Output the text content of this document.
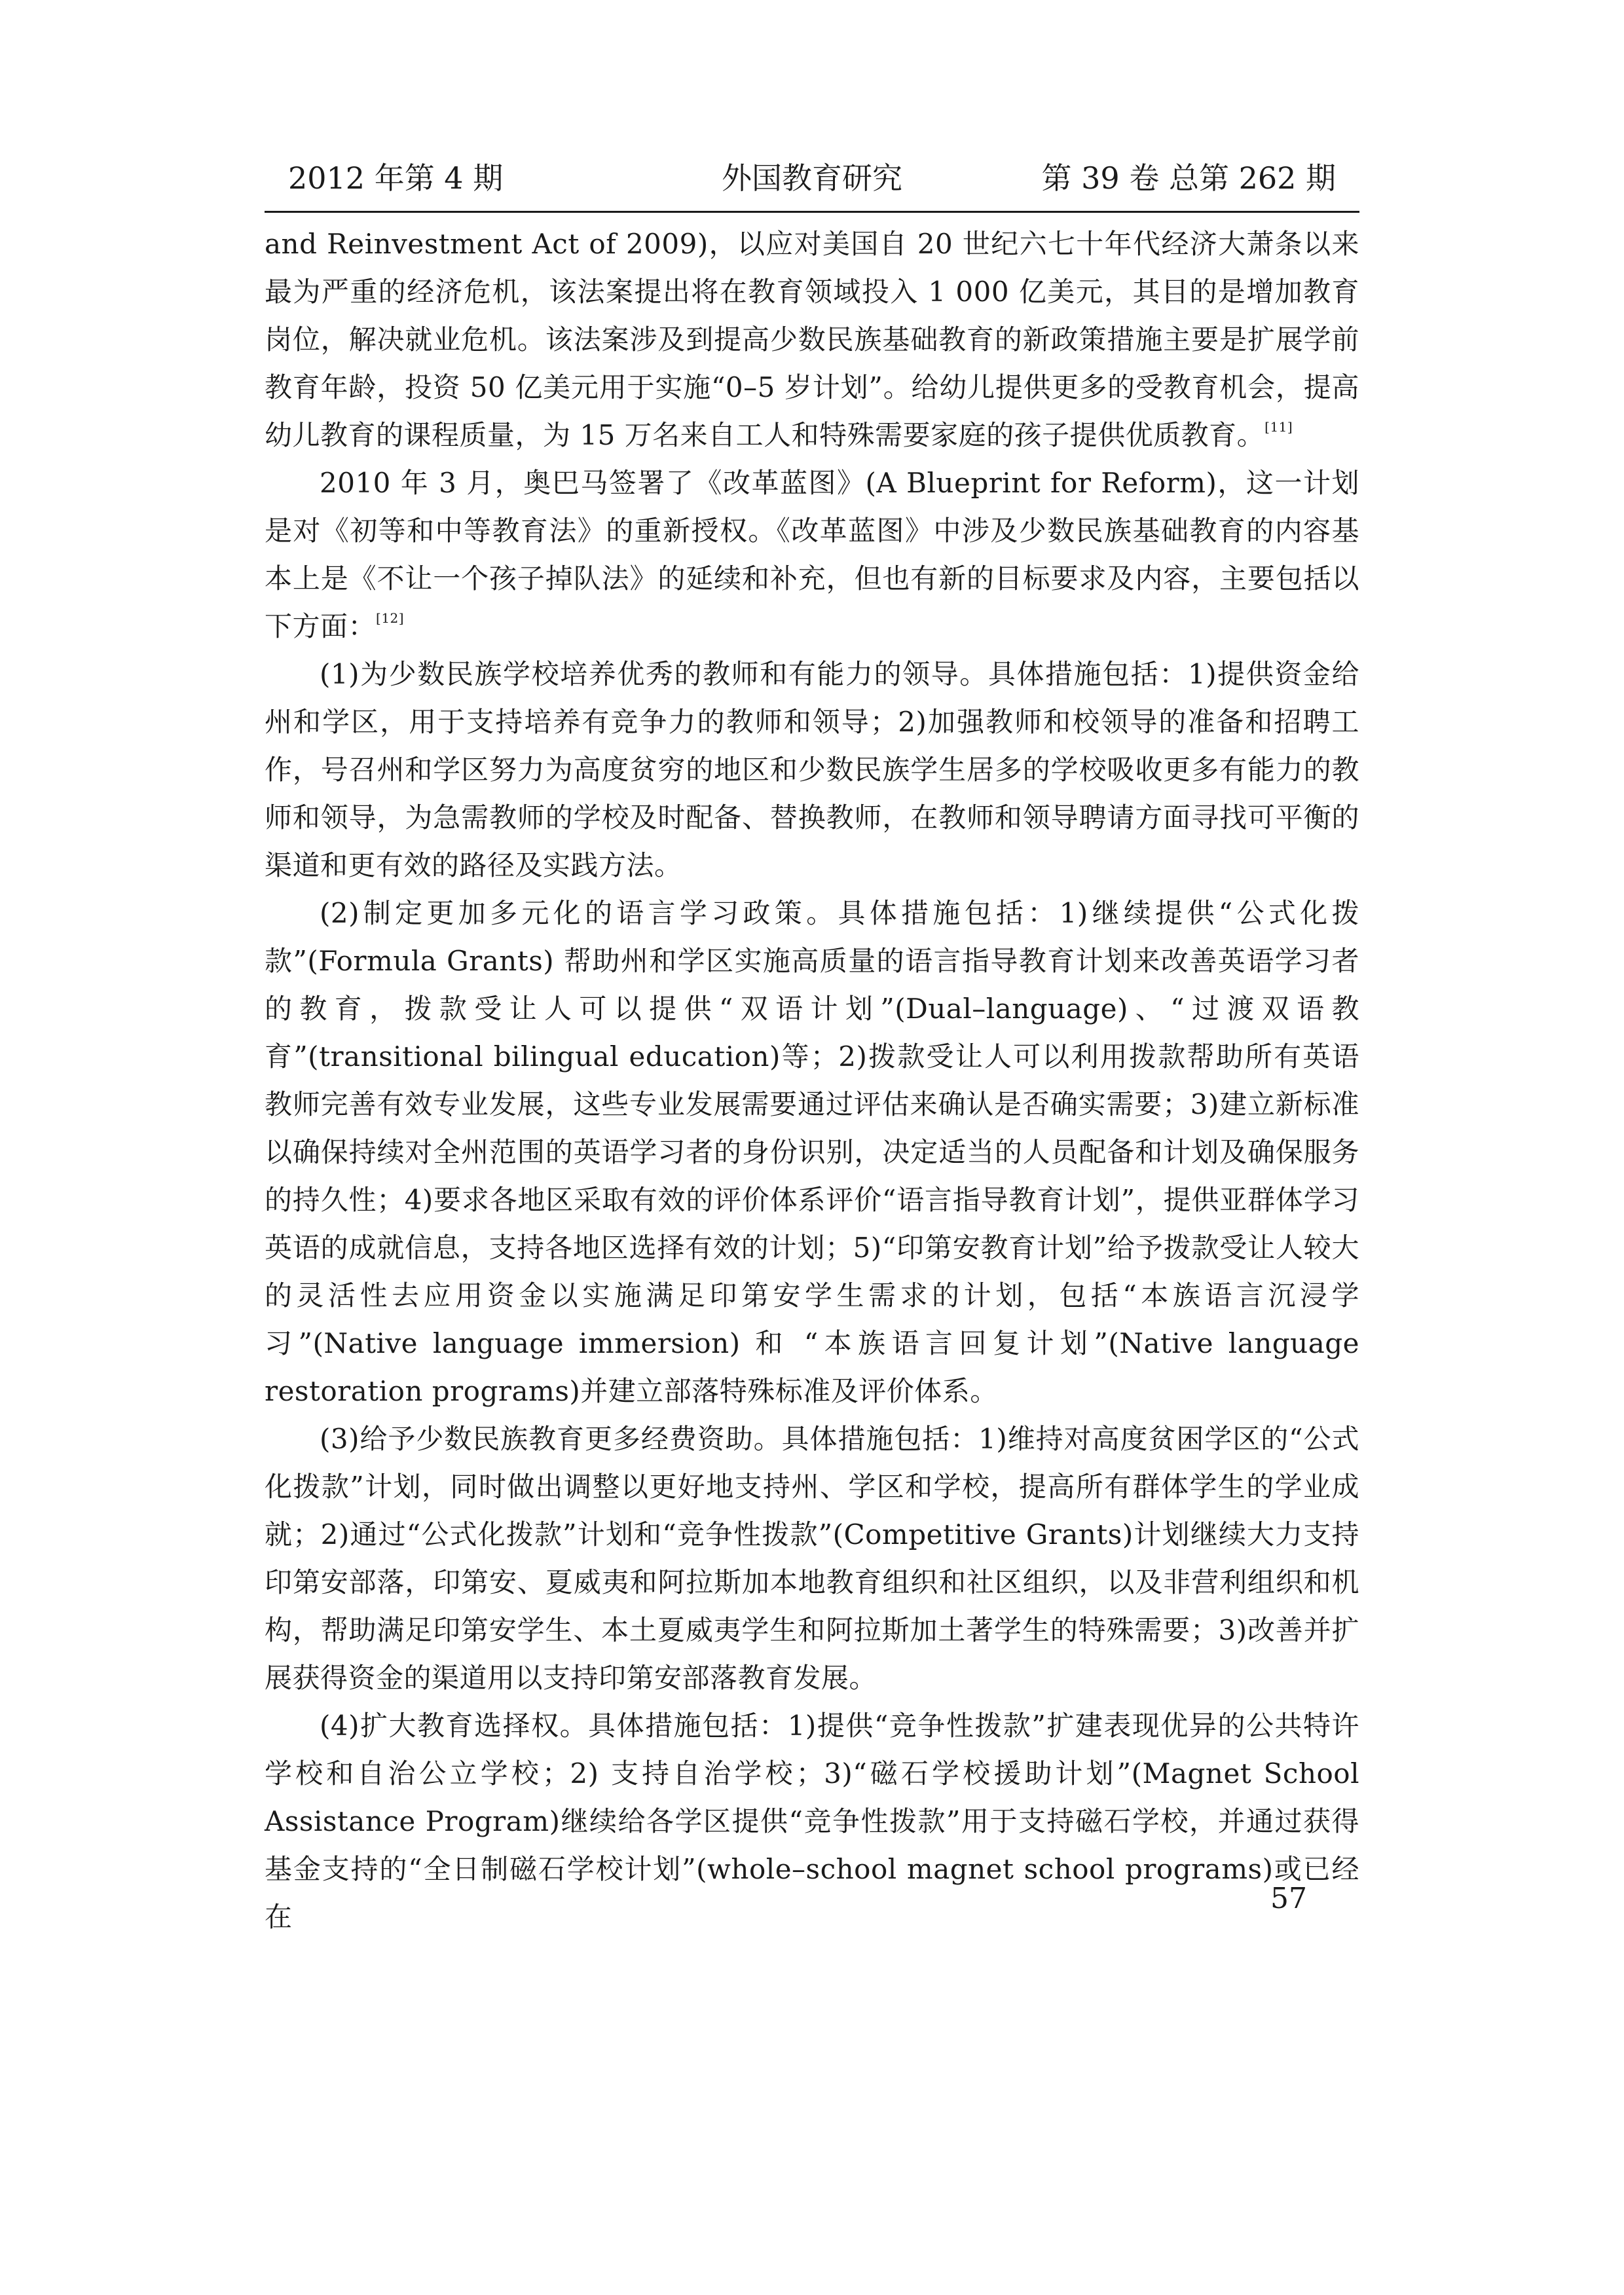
2012 年第 4 期	外国教育研究	第 39 卷 总第 262 期

and Reinvestment Act of 2009)，以应对美国自 20 世纪六七十年代经济大萧条以来最为严重的经济危机，该法案提出将在教育领域投入 1 000 亿美元，其目的是增加教育岗位，解决就业危机。该法案涉及到提高少数民族基础教育的新政策措施主要是扩展学前教育年龄，投资 50 亿美元用于实施“0–5 岁计划”。给幼儿提供更多的受教育机会，提高幼儿教育的课程质量，为 15 万名来自工人和特殊需要家庭的孩子提供优质教育。[11]

2010 年 3 月，奥巴马签署了《改革蓝图》(A Blueprint for Reform)，这一计划是对《初等和中等教育法》的重新授权。《改革蓝图》中涉及少数民族基础教育的内容基本上是《不让一个孩子掉队法》的延续和补充，但也有新的目标要求及内容，主要包括以下方面：[12]

(1)为少数民族学校培养优秀的教师和有能力的领导。具体措施包括：1)提供资金给州和学区，用于支持培养有竞争力的教师和领导；2)加强教师和校领导的准备和招聘工作，号召州和学区努力为高度贫穷的地区和少数民族学生居多的学校吸收更多有能力的教师和领导，为急需教师的学校及时配备、替换教师，在教师和领导聘请方面寻找可平衡的渠道和更有效的路径及实践方法。

(2)制定更加多元化的语言学习政策。具体措施包括：1)继续提供“公式化拨款”(Formula Grants) 帮助州和学区实施高质量的语言指导教育计划来改善英语学习者的教育，拨款受让人可以提供“双语计划”(Dual–language)、“过渡双语教育”(transitional bilingual education)等；2)拨款受让人可以利用拨款帮助所有英语教师完善有效专业发展，这些专业发展需要通过评估来确认是否确实需要；3)建立新标准以确保持续对全州范围的英语学习者的身份识别，决定适当的人员配备和计划及确保服务的持久性；4)要求各地区采取有效的评价体系评价“语言指导教育计划”，提供亚群体学习英语的成就信息，支持各地区选择有效的计划；5)“印第安教育计划”给予拨款受让人较大的灵活性去应用资金以实施满足印第安学生需求的计划，包括“本族语言沉浸学习”(Native language immersion) 和 “本族语言回复计划”(Native language restoration programs)并建立部落特殊标准及评价体系。

(3)给予少数民族教育更多经费资助。具体措施包括：1)维持对高度贫困学区的“公式化拨款”计划，同时做出调整以更好地支持州、学区和学校，提高所有群体学生的学业成就；2)通过“公式化拨款”计划和“竞争性拨款”(Competitive Grants)计划继续大力支持印第安部落，印第安、夏威夷和阿拉斯加本地教育组织和社区组织，以及非营利组织和机构，帮助满足印第安学生、本土夏威夷学生和阿拉斯加土著学生的特殊需要；3)改善并扩展获得资金的渠道用以支持印第安部落教育发展。

(4)扩大教育选择权。具体措施包括：1)提供“竞争性拨款”扩建表现优异的公共特许学校和自治公立学校；2) 支持自治学校；3)“磁石学校援助计划”(Magnet School Assistance Program)继续给各学区提供“竞争性拨款”用于支持磁石学校，并通过获得基金支持的“全日制磁石学校计划”(whole–school magnet school programs)或已经在

57
